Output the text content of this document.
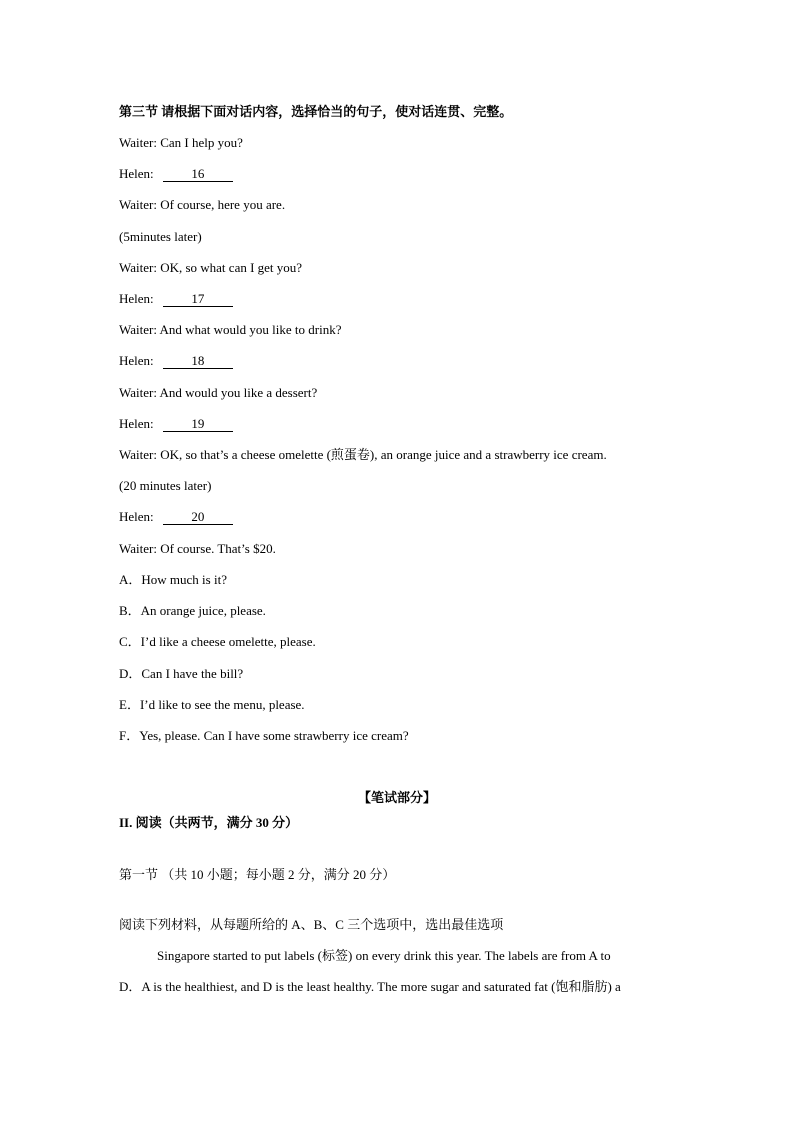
第三节 请根据下面对话内容，选择恰当的句子，使对话连贯、完整。
Waiter: Can I help you?
Helen:	16
Waiter: Of course, here you are.
(5minutes later)
Waiter: OK, so what can I get you?
Helen:	17
Waiter: And what would you like to drink?
Helen:	18
Waiter: And would you like a dessert?
Helen:	19
Waiter: OK, so that’s a cheese omelette (煎蛋卷), an orange juice and a strawberry ice cream.
(20 minutes later)
Helen:	20
Waiter: Of course. That’s $20.
A．How much is it?
B．An orange juice, please.
C．I’d like a cheese omelette, please.
D．Can I have the bill?
E．I’d like to see the menu, please.
F．Yes, please. Can I have some strawberry ice cream?
【笔试部分】
II. 阅读（共两节，满分 30 分）
第一节 （共 10 小题；每小题 2 分，满分 20 分）
阅读下列材料，从每题所给的 A、B、C 三个选项中，选出最佳选项
Singapore started to put labels (标签) on every drink this year. The labels are from A to
D．A is the healthiest, and D is the least healthy. The more sugar and saturated fat (饱和脂肪) a
